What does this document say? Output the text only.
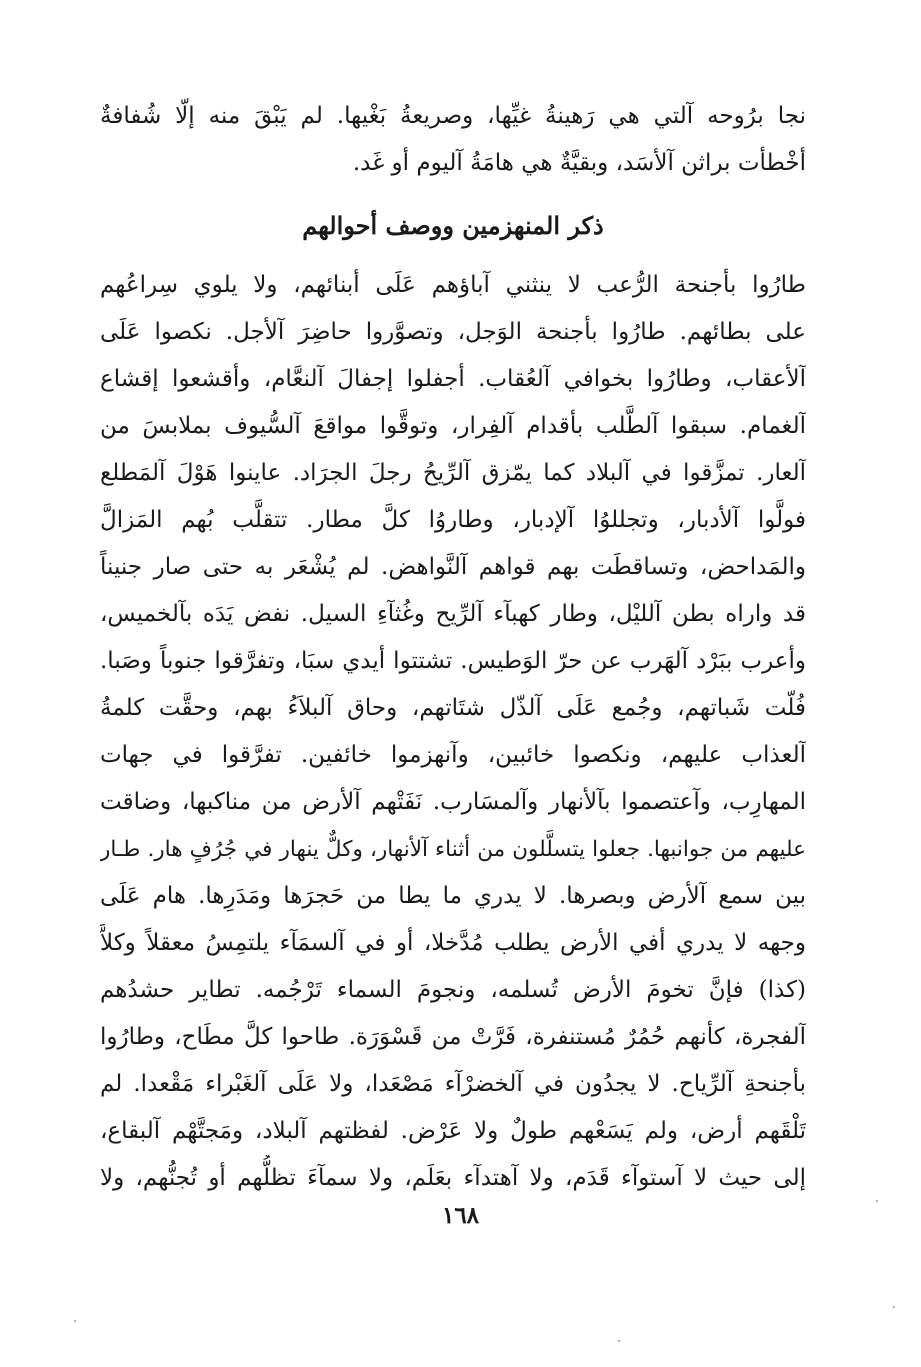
نجا برُوحه آلتي هي رَهينةُ غيِّها، وصريعةُ بَغْيها. لم يَبْقَ منه إلّا شُفافةٌ
أخْطأت براثن آلأسَد، وبقيَّةٌ هي هامَةُ آليوم أو غَد.
ذكر المنهزمين ووصف أحوالهم
طارُوا بأجنحة الرُّعب لا ينثني آباؤهم عَلَى أبنائهم، ولا يلوي سِراعُهم
على بطائهم. طارُوا بأجنحة الوَجل، وتصوَّروا حاضِرَ آلأجل. نكصوا عَلَى
آلأعقاب، وطارُوا بخوافي آلعُقاب. أجفلوا إجفالَ آلنعَّام، وأقشعوا إقشاع
آلغمام. سبقوا آلطَّلب بأقدام آلفِرار، وتوقَّوا مواقعَ آلسُّيوف بملابسَ من
آلعار. تمزَّقوا في آلبلاد كما يمّزق آلرِّيحُ رجلَ الجرَاد. عاينوا هَوْلَ آلمَطلع
فولَّوا آلأدبار، وتجللوُا آلإدبار، وطاروُا كلَّ مطار. تتقلَّب بُهم المَزالَّ
والمَداحض، وتساقطَت بهم قواهم آلنَّواهض. لم يُشْعَر به حتى صار جنيناً
قد واراه بطن آلليْل، وطار كهبآء آلرِّيح وغُثآءِ السيل. نفض يَدَه بآلخميس،
وأعرب ببَرْد آلهَرب عن حرّ الوَطيس. تشتتوا أيدي سبَا، وتفرَّقوا جنوباً وصَبا.
فُلّت شَباتهم، وجُمع عَلَى آلذّل شتَاتهم، وحاق آلبلاَءُ بهم، وحقَّت كلمةُ
آلعذاب عليهم، ونكصوا خائبين، وآنهزموا خائفين. تفرَّقوا في جهات
المهارِب، وآعتصموا بآلأنهار وآلمسَارب. نَفَتْهم آلأرض من مناكبها، وضاقت
عليهم من جوانبها. جعلوا يتسلَّلون من أثناء آلأنهار، وكلٌّ ينهار في جُرُفٍ هار. طـار
بين سمع آلأرض وبصرها. لا يدري ما يطا من حَجرَها ومَدَرِها. هام عَلَى
وجهه لا يدري أفي الأرض يطلب مُدَّخلا، أو في آلسمَآء يلتمِسُ معقلاً وكلاَّ
(كذا) فإنَّ تخومَ الأرض تُسلمه، ونجومَ السماء تَرْجُمه. تطاير حشدُهم
آلفجرة، كأنهم حُمُرٌ مُستنفرة، فَرَّتْ من قَسْوَرَة. طاحوا كلَّ مطَاح، وطارُوا
بأجنحةِ آلرِّياح. لا يجدُون في آلخضرْآء مَصْعَدا، ولا عَلَى آلغَبْراء مَقْعدا. لم
تَلْقَهم أرض، ولم يَسَعْهم طولٌ ولا عَرْض. لفظتهم آلبلاد، ومَجتَّهْم آلبقاع،
إلى حيث لا آستوآء قَدَم، ولا آهتدآء بعَلَم، ولا سمآءَ تظلُّهم أو تُجنُّهم، ولا
١٦٨
